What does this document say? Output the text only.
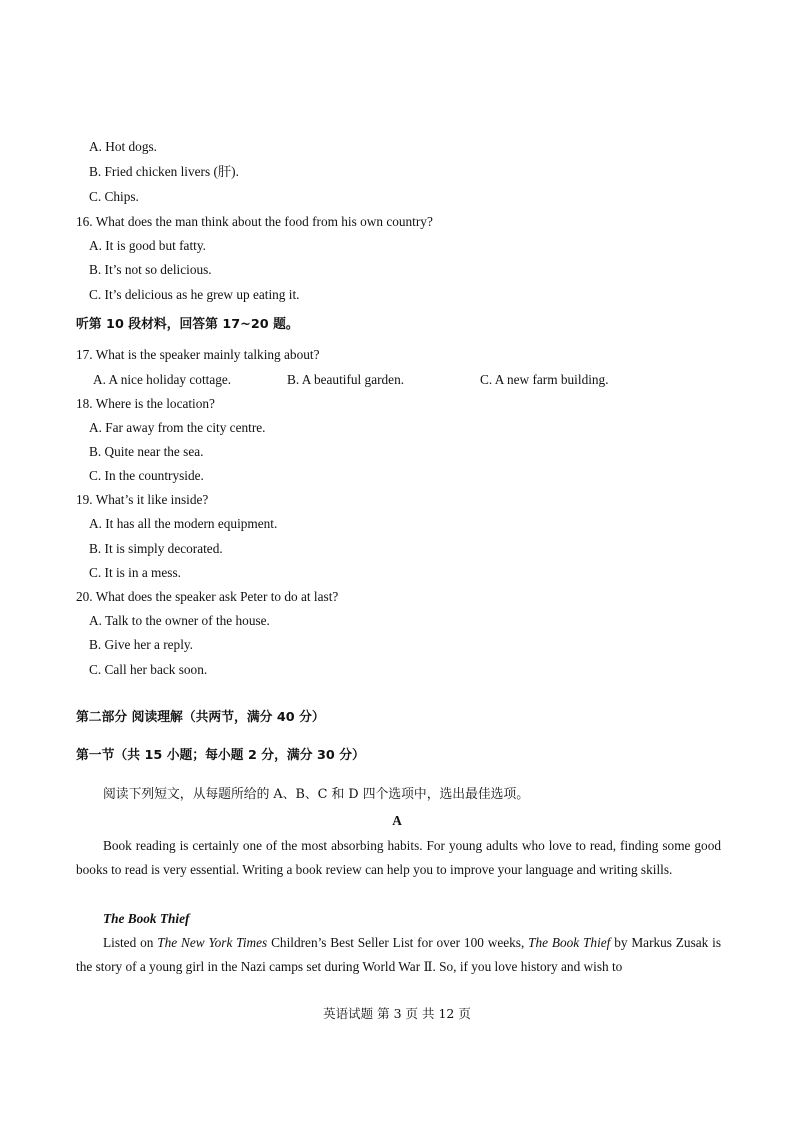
A. Hot dogs.
B. Fried chicken livers (肝).
C. Chips.
16. What does the man think about the food from his own country?
A. It is good but fatty.
B. It’s not so delicious.
C. It’s delicious as he grew up eating it.
听第 10 段材料，回答第 17~20 题。
17. What is the speaker mainly talking about?
A. A nice holiday cottage.	B. A beautiful garden.	C. A new farm building.
18. Where is the location?
A. Far away from the city centre.
B. Quite near the sea.
C. In the countryside.
19. What’s it like inside?
A. It has all the modern equipment.
B. It is simply decorated.
C. It is in a mess.
20. What does the speaker ask Peter to do at last?
A. Talk to the owner of the house.
B. Give her a reply.
C. Call her back soon.
第二部分 阅读理解（共两节，满分 40 分）
第一节（共 15 小题；每小题 2 分，满分 30 分）
阅读下列短文，从每题所给的 A、B、C 和 D 四个选项中，选出最佳选项。
A
Book reading is certainly one of the most absorbing habits. For young adults who love to read, finding some good books to read is very essential. Writing a book review can help you to improve your language and writing skills.
The Book Thief
Listed on The New York Times Children’s Best Seller List for over 100 weeks, The Book Thief by Markus Zusak is the story of a young girl in the Nazi camps set during World War Ⅱ. So, if you love history and wish to
英语试题 第 3 页 共 12 页
